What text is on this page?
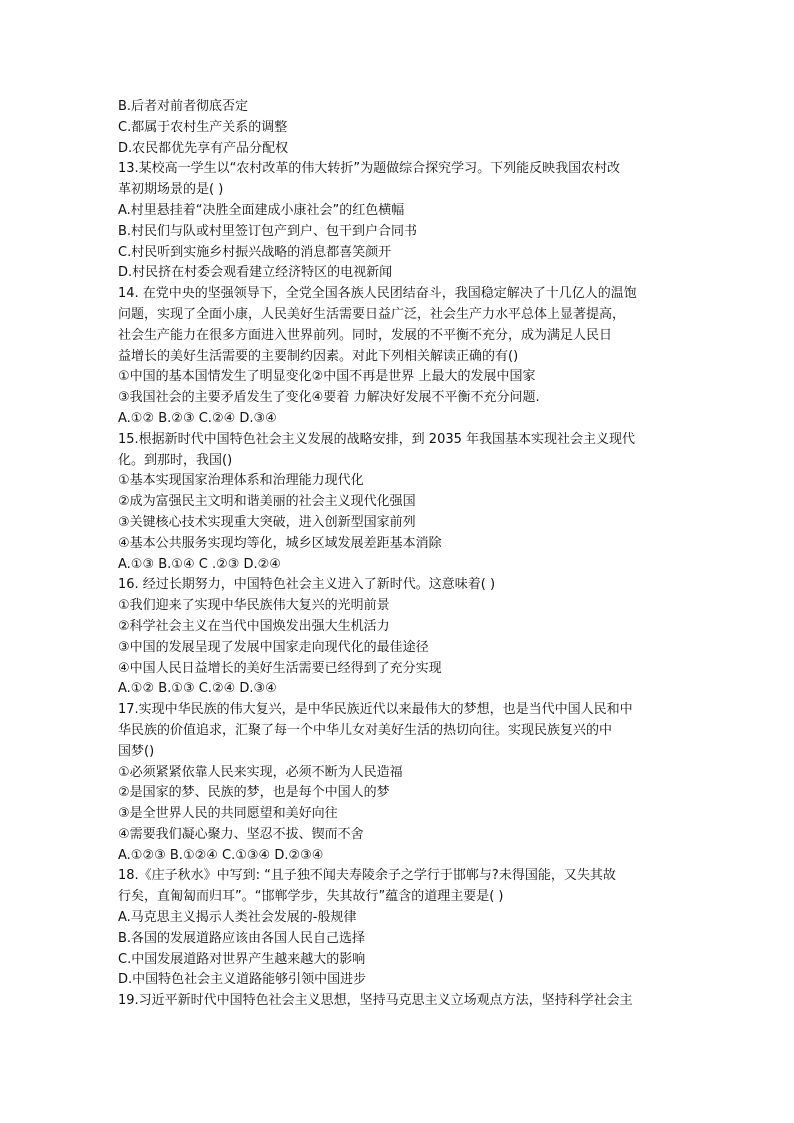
B.后者对前者彻底否定
C.都属于农村生产关系的调整
D.农民都优先享有产品分配权
13.某校高一学生以“农村改革的伟大转折”为题做综合探究学习。下列能反映我国农村改
革初期场景的是( )
A.村里悬挂着“决胜全面建成小康社会”的红色横幅
B.村民们与队或村里签订包产到户、包干到户合同书
C.村民听到实施乡村振兴战略的消息都喜笑颜开
D.村民挤在村委会观看建立经济特区的电视新闻
14. 在党中央的坚强领导下，全党全国各族人民团结奋斗，我国稳定解决了十几亿人的温饱
问题，实现了全面小康，人民美好生活需要日益广泛，社会生产力水平总体上显著提高，
社会生产能力在很多方面进入世界前列。同时，发展的不平衡不充分，成为满足人民日
益增长的美好生活需要的主要制约因素。对此下列相关解读正确的有()
①中国的基本国情发生了明显变化②中国不再是世界 上最大的发展中国家
③我国社会的主要矛盾发生了变化④要着 力解决好发展不平衡不充分问题.
A.①② B.②③ C.②④ D.③④
15.根据新时代中国特色社会主义发展的战略安排，到 2035 年我国基本实现社会主义现代
化。到那时，我国()
①基本实现国家治理体系和治理能力现代化
②成为富强民主文明和谐美丽的社会主义现代化强国
③关键核心技术实现重大突破，进入创新型国家前列
④基本公共服务实现均等化，城乡区域发展差距基本消除
A.①③ B.①④ C .②③ D.②④
16. 经过长期努力，中国特色社会主义进入了新时代。这意味着( )
①我们迎来了实现中华民族伟大复兴的光明前景
②科学社会主义在当代中国焕发出强大生机活力
③中国的发展呈现了发展中国家走向现代化的最佳途径
④中国人民日益增长的美好生活需要已经得到了充分实现
A.①② B.①③ C.②④ D.③④
17.实现中华民族的伟大复兴，是中华民族近代以来最伟大的梦想，也是当代中国人民和中
华民族的价值追求，汇聚了每一个中华儿女对美好生活的热切向往。实现民族复兴的中
国梦()
①必须紧紧依靠人民来实现，必须不断为人民造福
②是国家的梦、民族的梦，也是每个中国人的梦
③是全世界人民的共同愿望和美好向往
④需要我们凝心聚力、坚忍不拔、锲而不舍
A.①②③ B.①②④ C.①③④ D.②③④
18.《庄子秋水》中写到: “且子独不闻夫寿陵余子之学行于邯郸与?未得国能，又失其故
行矣，直匍匐而归耳”。“邯郸学步，失其故行”蕴含的道理主要是( )
A.马克思主义揭示人类社会发展的-般规律
B.各国的发展道路应该由各国人民自己选择
C.中国发展道路对世界产生越来越大的影响
D.中国特色社会主义道路能够引领中国进步
19.习近平新时代中国特色社会主义思想，坚持马克思主义立场观点方法，坚持科学社会主
